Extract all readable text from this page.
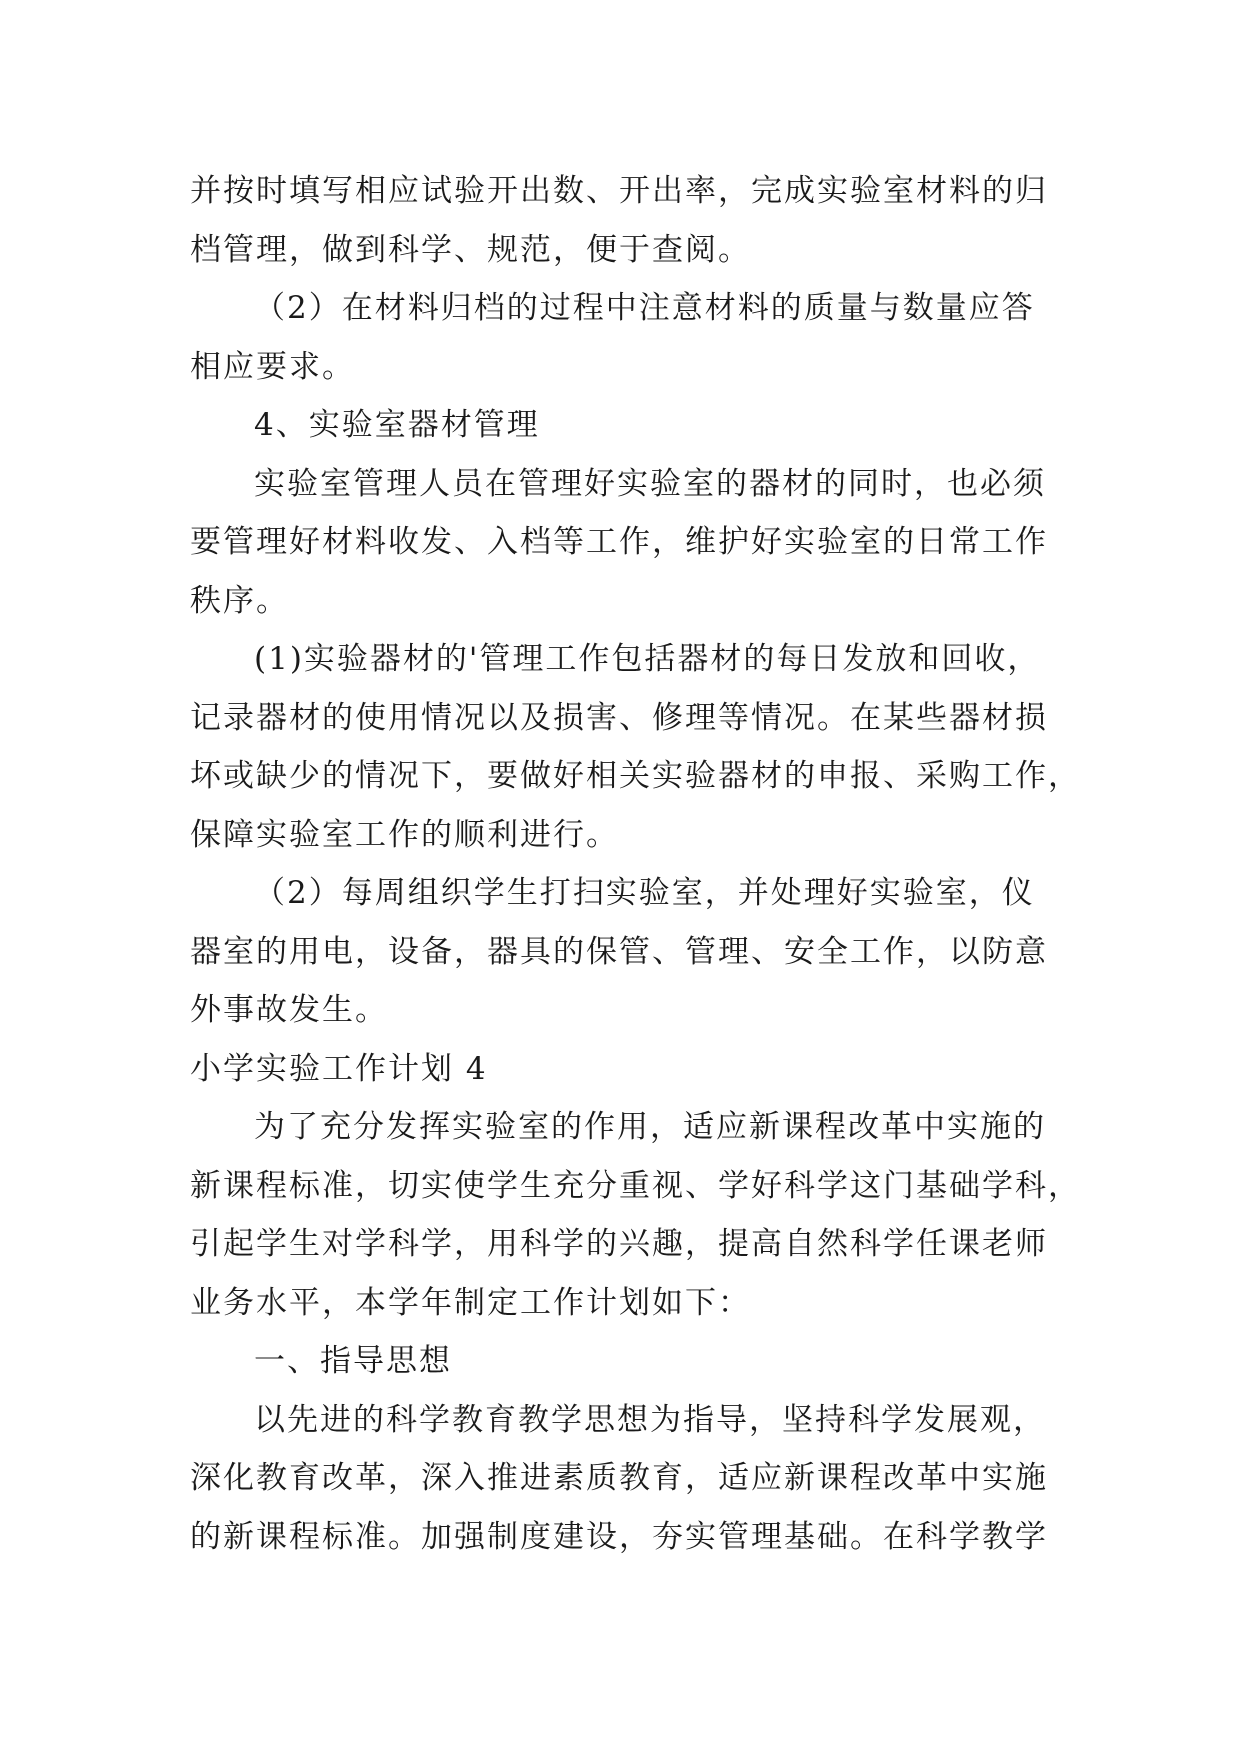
并按时填写相应试验开出数、开出率，完成实验室材料的归
档管理，做到科学、规范，便于查阅。
（2）在材料归档的过程中注意材料的质量与数量应答
相应要求。
4、实验室器材管理
实验室管理人员在管理好实验室的器材的同时，也必须
要管理好材料收发、入档等工作，维护好实验室的日常工作
秩序。
(1)实验器材的'管理工作包括器材的每日发放和回收，
记录器材的使用情况以及损害、修理等情况。在某些器材损
坏或缺少的情况下，要做好相关实验器材的申报、采购工作，
保障实验室工作的顺利进行。
（2）每周组织学生打扫实验室，并处理好实验室，仪
器室的用电，设备，器具的保管、管理、安全工作，以防意
外事故发生。
小学实验工作计划 4
为了充分发挥实验室的作用，适应新课程改革中实施的
新课程标准，切实使学生充分重视、学好科学这门基础学科，
引起学生对学科学，用科学的兴趣，提高自然科学任课老师
业务水平，本学年制定工作计划如下：
一、指导思想
以先进的科学教育教学思想为指导，坚持科学发展观，
深化教育改革，深入推进素质教育，适应新课程改革中实施
的新课程标准。加强制度建设，夯实管理基础。在科学教学
